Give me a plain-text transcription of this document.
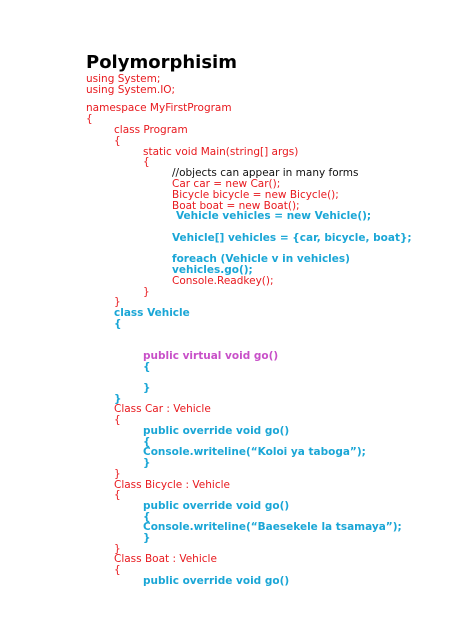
Polymorphisim

using System;

using System.IO;

namespace MyFirstProgram

{

class Program

{

static void Main(string[] args)

{

//objects can appear in many forms

Car car = new Car();

Bicycle bicycle = new Bicycle();

Boat boat = new Boat();

Vehicle vehicles = new Vehicle();

Vehicle[] vehicles = {car, bicycle, boat};

foreach (Vehicle v in vehicles)

vehicles.go();

Console.Readkey();

}

}

class Vehicle

{

public virtual void go()

{

}

}

Class Car : Vehicle

{

public override void go()

{

Console.writeline(“Koloi ya taboga”);

}

}

Class Bicycle : Vehicle

{

public override void go()

{

Console.writeline(“Baesekele la tsamaya”);

}

}

Class Boat : Vehicle

{

public override void go()
